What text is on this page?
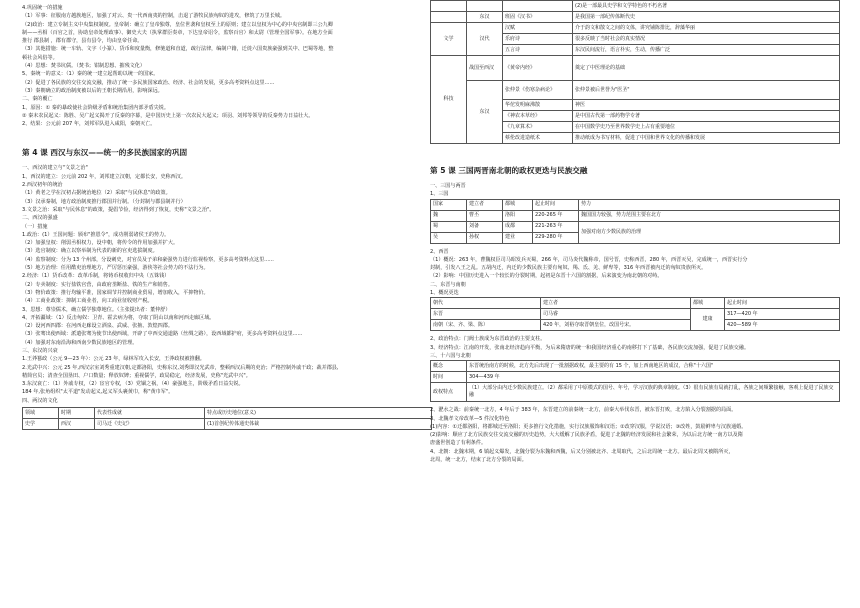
4.巩固统一的措施

（1）军事：征服南方越族地区，加强了对云、贵一代西南夷的控制，击退了游牧民族匈奴的进攻，修筑了万里长城。

（2)政治：建立专制主义中央集权制度。皇帝制：确立了皇帝独尊，皇位世袭和皇权至上的原则；建立以皇权为中心的中央官制即三公九卿

制——丞相（百官之首，协助皇帝处理政事）、御史大夫（执掌群臣奏章，下达皇帝诏令，监察百官）和太尉（管理全国军事）。在地方全面

推行 郡县制 ，郡有郡守，县有县令，均由皇帝任命。

（3）其他措施：统一车轨、文字（小篆）、货币和度量衡，修驰道和直道，疏行法律，编制户籍，迁徙六国贵族豪强到关中、巴蜀等地，整

顿社会风俗等。

（4）思想：焚书坑儒。（焚书；钳制思想、摧残文化）

5、秦统一的意义：（1）秦的统一建立起帮助以统一的国家。

（2）促进了各民族的交往交流交融，推动了统一多民族国家政治、经济、社会的发展，更多高考资料点这里......

（3）秦朝确立的政治制度被以后的王朝长期沿用，影响深远。

二、秦的覆亡

1、原因：① 秦的暴政使社会阶级矛盾和统治集团内部矛盾尖锐。

② 秦末农民起义：陈胜、吴广起义揭开了反秦的序幕，是中国历史上第一次农民大起义；项羽、刘邦等领导的反秦势力日益壮大。

2、结果：公元前 207 年，刘邦军队进入咸阳，秦朝灭亡。

第 4 课 西汉与东汉——统一的多民族国家的巩固

一、西汉的建立与"文景之治"

1、西汉的建立：公元前 202 年，刘邦建立汉朝，定都长安，史称西汉。

2.西汉初年的统治

（1）黄老之学在汉初占据统治地位（2）采取"与民休息"的政策。

（3）汉承秦制，地方政治制度推行郡国并行制。（分封制与郡县制并行）

3.文景之治：采取"与民休息"的政策，提倡节俭，经济得到了恢复，史称"文景之治"。

二、西汉的强盛

（一）措施

1.政治：(1）王国问题：颁布"推恩令"，成功削弱诸侯王的势力。

（2）加强皇权：削弱丞相权力，设中朝，将传令的作用加强并扩大。

（3）选官制度：确立以察举制为代表的新的官吏选拔制度。

（4）监察制度：分为 13 个州部，分设刺史，对官员及子弟和豪强势力进行监视检察，更多高考资料点这里......

（5）地方治理：任用酷吏治理地方，严厉惩压豪强，游侠等社会势力的不法行为。

2.经济:（1）货币改革：改革币制，将铸币权收归中央（五铢钱）

（2）专卖制度：实行盐铁官营，由政府垄断盐、铁的生产和销售。

（3）物价政策：推行均输平准，国家调节并控制商业贸易，增加收入，平抑物价。

（4）工商业政策：抑制工商业者，向工商业征收财产税。

3、思想：尊崇儒术，确立儒学独尊地位。（主张提出者：董仲舒）

4、开拓疆域：（1）反击匈奴：卫青、霍去病为将，夺取了阴山以南和河西走廊区域。

（2）设河西四郡：在河西走廊设立酒泉、武威、张掖、敦煌四郡。

（3）张骞出使西域：派遣张骞为使节出使西域，开辟了中西交通道路（丝绸之路），设西域都护府，更多高考资料点这里......

（4）加强对东南沿海和西南少数民族地区的管理。

三、东汉的兴衰

1.王莽篡政（公元 9—23 年）：公元 23 年，绿林军攻入长安，王莽政权被推翻。

2.光武中兴：公元 25 年,西汉宗室刘秀重建汉朝,定都洛阳，史称东汉,刘秀即汉光武帝，整顿西汉后期的吏治；严格控制外戚干政；裁并郡县,

精简官员；清查全国垦田、户口数量；释放奴婢；重视儒学，政局稳定，经济发展，史称"光武中兴"。

3.东汉衰亡：（1）外戚专权，（2）宦官专权，（3）党锢之祸，（4）豪强地主，阶级矛盾日益尖锐。

184 年,张角组织"太平道"发动起义,起义军头裹黄巾，称"黄巾军"。

四、两汉的文化

领域	时期	代表性成就	特点或历史地位(意义)
史学	西汉	司马迁《史记》	(1)首创纪传体通史体裁
			(2)是一部最具史学和文学特色的不朽名著
	东汉	班固《汉书》	是我国第一部纪传体断代史
文学	汉代	汉赋	介于韵文和散文之间的文体，讲究铺陈排比，辞藻华丽
		乐府诗	很多反映了当时社会的真实情况
		五言诗	东汉民间流行，语言朴实，生动，传播广泛
科技	战国至西汉	《黄帝内经》	奠定了中医理论的基础
	东汉	张仲景《伤寒杂病论》	张仲景被后世誉为"医圣"
		华佗发明麻沸散	神医
		《神农本草经》	是中国古代第一部药物学专著
		《九章算术》	在中国数学史乃至世界数学史上占有重要地位
		蔡伦改进造纸术	推动纸成为书写材料，促进了中国和世界文化的传播和发展
第 5 课 三国两晋南北朝的政权更迭与民族交融

一、三国与两晋

1、三国

国家	建立者	都城	起止时间	势力
魏	曹丕	洛阳	220-265 年	魏国国力较强，势力范围主要在北方
蜀	刘备	成都	221-263 年	加强对南方少数民族的治理
吴	孙权	建业	229-280 年	

2、西晋

（1）概况：263 年，曹魏权臣司马昭发兵灭蜀，266 年，司马炎代魏称帝，国号晋，史称西晋，280 年，西晋灭吴，完成统一，西晋实行分

封制，引发八王之乱。五胡内迁，内迁的少数民族主要有匈奴、羯、氐、羌、鲜卑等，316 年西晋被内迁的匈奴贵族所灭。

（2）影响：中国历史进入一个较长的分裂时期，起初是东晋十六国的割据，后来演变为南北朝的对峙。

二、东晋与南朝

1、概况更迭

朝代	建立者	都城	起止时间
东晋	司马睿	建康	317—420 年
南朝（宋、齐、梁、陈）	420 年，刘裕夺取晋朝皇位，改国号宋。		420—589 年

2、政治特点：门阀士族成为东晋政治的主要支柱。

3、经济特点：江南的开发，张南北经济趋向平衡，为后来隋唐的统一和我国经济重心的南移打下了基础，各民族交流加强，促进了民族交融。

三、十六国与北朝

概念	东晋统治南方的时候，北方先后出现了一批割据政权，最主要的有 15 个，加上西南地区的成汉，合称"十六国"
时间	304—439 年
政权特点	（1）大部分由内迁少数民族建立。（2）都采用了中原模式的国号、年号，学习汉族的典章制度。（3）很有民族有局就打乱，各族之间频繁接触，客观上促进了民族交融

2、淝水之战：前秦统一北方，4 年后于 383 年，东晋建立的前秦统一北方，前秦大举伐东晋，被东晋打败，北方陷入分裂割据的局面。

3、北魏孝文帝改革—5 件汉化特色

(1)内容：①迁都洛阳，将都城迁至洛阳；更多推行文化措施，实行汉族服饰和汉语；②改穿汉服，学说汉语；③改姓，鼓励鲜卑与汉族通婚。

(2)影响：顺应了北方民族交往交流交融的历史趋势，大大缓解了民族矛盾，促进了北魏的经济发展和社会繁荣，为以后北方统一南方以及隋

唐盛世创造了有利条件。

4、北朝：北魏末期，6 镇起义爆发，北魏分裂为东魏和西魏，后又分别被北齐、北周取代，之后北周统一北方。最后北周又被隋所灭，

北周，统一北方，结束了北方分裂的局面。
